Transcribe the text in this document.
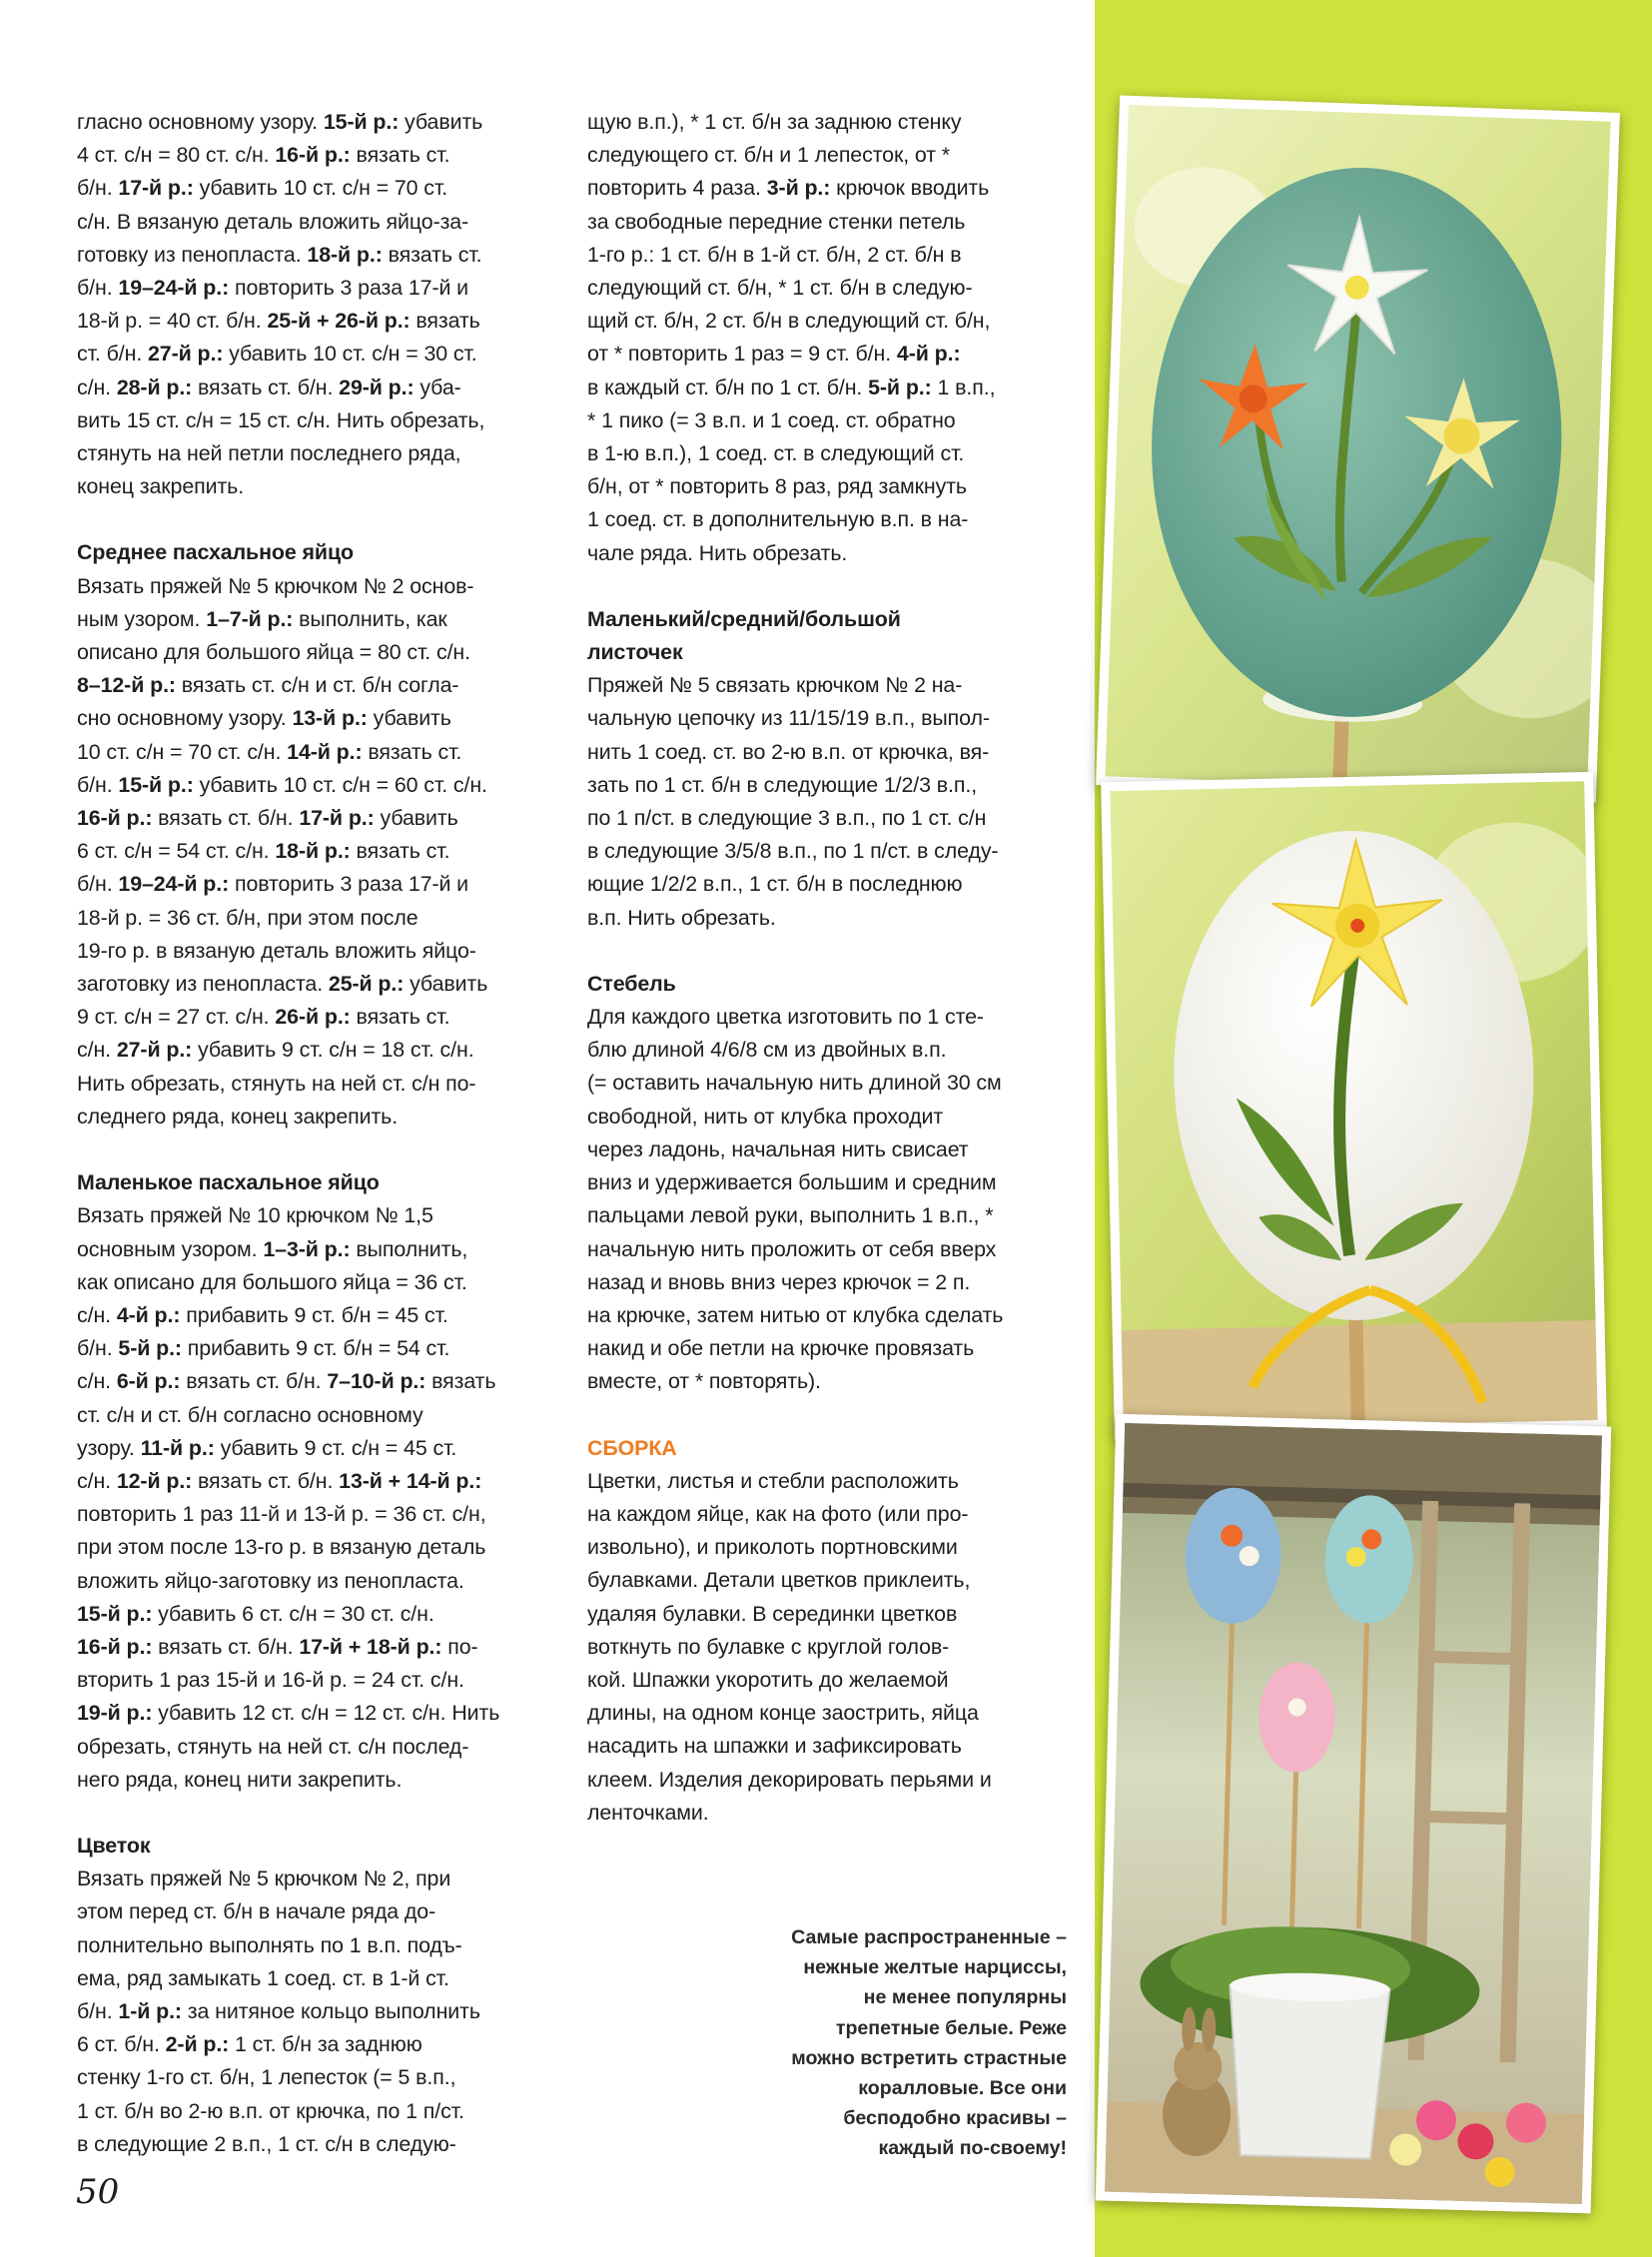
гласно основному узору. 15-й р.: убавить

4 ст. с/н = 80 ст. с/н. 16-й р.: вязать ст.

б/н. 17-й р.: убавить 10 ст. с/н = 70 ст.

с/н. В вязаную деталь вложить яйцо-за-

готовку из пенопласта. 18-й р.: вязать ст.

б/н. 19–24-й р.: повторить 3 раза 17-й и

18-й р. = 40 ст. б/н. 25-й + 26-й р.: вязать

ст. б/н. 27-й р.: убавить 10 ст. с/н = 30 ст.

с/н. 28-й р.: вязать ст. б/н. 29-й р.: уба-

вить 15 ст. с/н = 15 ст. с/н. Нить обрезать,

стянуть на ней петли последнего ряда,

конец закрепить.

Среднее пасхальное яйцо

Вязать пряжей № 5 крючком № 2 основ-

ным узором. 1–7-й р.: выполнить, как

описано для большого яйца = 80 ст. с/н.

8–12-й р.: вязать ст. с/н и ст. б/н согла-

сно основному узору. 13-й р.: убавить

10 ст. с/н = 70 ст. с/н. 14-й р.: вязать ст.

б/н. 15-й р.: убавить 10 ст. с/н = 60 ст. с/н.

16-й р.: вязать ст. б/н. 17-й р.: убавить

6 ст. с/н = 54 ст. с/н. 18-й р.: вязать ст.

б/н. 19–24-й р.: повторить 3 раза 17-й и

18-й р. = 36 ст. б/н, при этом после

19-го р. в вязаную деталь вложить яйцо-

заготовку из пенопласта. 25-й р.: убавить

9 ст. с/н = 27 ст. с/н. 26-й р.: вязать ст.

с/н. 27-й р.: убавить 9 ст. с/н = 18 ст. с/н.

Нить обрезать, стянуть на ней ст. с/н по-

следнего ряда, конец закрепить.

Маленькое пасхальное яйцо

Вязать пряжей № 10 крючком № 1,5

основным узором. 1–3-й р.: выполнить,

как описано для большого яйца = 36 ст.

с/н. 4-й р.: прибавить 9 ст. б/н = 45 ст.

б/н. 5-й р.: прибавить 9 ст. б/н = 54 ст.

с/н. 6-й р.: вязать ст. б/н. 7–10-й р.: вязать

ст. с/н и ст. б/н согласно основному

узору. 11-й р.: убавить 9 ст. с/н = 45 ст.

с/н. 12-й р.: вязать ст. б/н. 13-й + 14-й р.:

повторить 1 раз 11-й и 13-й р. = 36 ст. с/н,

при этом после 13-го р. в вязаную деталь

вложить яйцо-заготовку из пенопласта.

15-й р.: убавить 6 ст. с/н = 30 ст. с/н.

16-й р.: вязать ст. б/н. 17-й + 18-й р.: по-

вторить 1 раз 15-й и 16-й р. = 24 ст. с/н.

19-й р.: убавить 12 ст. с/н = 12 ст. с/н. Нить

обрезать, стянуть на ней ст. с/н послед-

него ряда, конец нити закрепить.

Цветок

Вязать пряжей № 5 крючком № 2, при

этом перед ст. б/н в начале ряда до-

полнительно выполнять по 1 в.п. подъ-

ема, ряд замыкать 1 соед. ст. в 1-й ст.

б/н. 1-й р.: за нитяное кольцо выполнить

6 ст. б/н. 2-й р.: 1 ст. б/н за заднюю

стенку 1-го ст. б/н, 1 лепесток (= 5 в.п.,

1 ст. б/н во 2-ю в.п. от крючка, по 1 п/ст.

в следующие 2 в.п., 1 ст. с/н в следую-

щую в.п.), * 1 ст. б/н за заднюю стенку

следующего ст. б/н и 1 лепесток, от *

повторить 4 раза. 3-й р.: крючок вводить

за свободные передние стенки петель

1-го р.: 1 ст. б/н в 1-й ст. б/н, 2 ст. б/н в

следующий ст. б/н, * 1 ст. б/н в следую-

щий ст. б/н, 2 ст. б/н в следующий ст. б/н,

от * повторить 1 раз = 9 ст. б/н. 4-й р.:

в каждый ст. б/н по 1 ст. б/н. 5-й р.: 1 в.п.,

* 1 пико (= 3 в.п. и 1 соед. ст. обратно

в 1-ю в.п.), 1 соед. ст. в следующий ст.

б/н, от * повторить 8 раз, ряд замкнуть

1 соед. ст. в дополнительную в.п. в на-

чале ряда. Нить обрезать.

Маленький/средний/большой

листочек

Пряжей № 5 связать крючком № 2 на-

чальную цепочку из 11/15/19 в.п., выпол-

нить 1 соед. ст. во 2-ю в.п. от крючка, вя-

зать по 1 ст. б/н в следующие 1/2/3 в.п.,

по 1 п/ст. в следующие 3 в.п., по 1 ст. с/н

в следующие 3/5/8 в.п., по 1 п/ст. в следу-

ющие 1/2/2 в.п., 1 ст. б/н в последнюю

в.п. Нить обрезать.

Стебель

Для каждого цветка изготовить по 1 сте-

блю длиной 4/6/8 см из двойных в.п.

(= оставить начальную нить длиной 30 см

свободной, нить от клубка проходит

через ладонь, начальная нить свисает

вниз и удерживается большим и средним

пальцами левой руки, выполнить 1 в.п., *

начальную нить проложить от себя вверх

назад и вновь вниз через крючок = 2 п.

на крючке, затем нитью от клубка сделать

накид и обе петли на крючке провязать

вместе, от * повторять).

СБОРКА

Цветки, листья и стебли расположить

на каждом яйце, как на фото (или про-

извольно), и приколоть портновскими

булавками. Детали цветков приклеить,

удаляя булавки. В серединки цветков

воткнуть по булавке с круглой голов-

кой. Шпажки укоротить до желаемой

длины, на одном конце заострить, яйца

насадить на шпажки и зафиксировать

клеем. Изделия декорировать перьями и

ленточками.

Самые распространенные –
нежные желтые нарциссы,
не менее популярны
трепетные белые. Реже
можно встретить страстные
коралловые. Все они
бесподобно красивы –
каждый по-своему!
50
